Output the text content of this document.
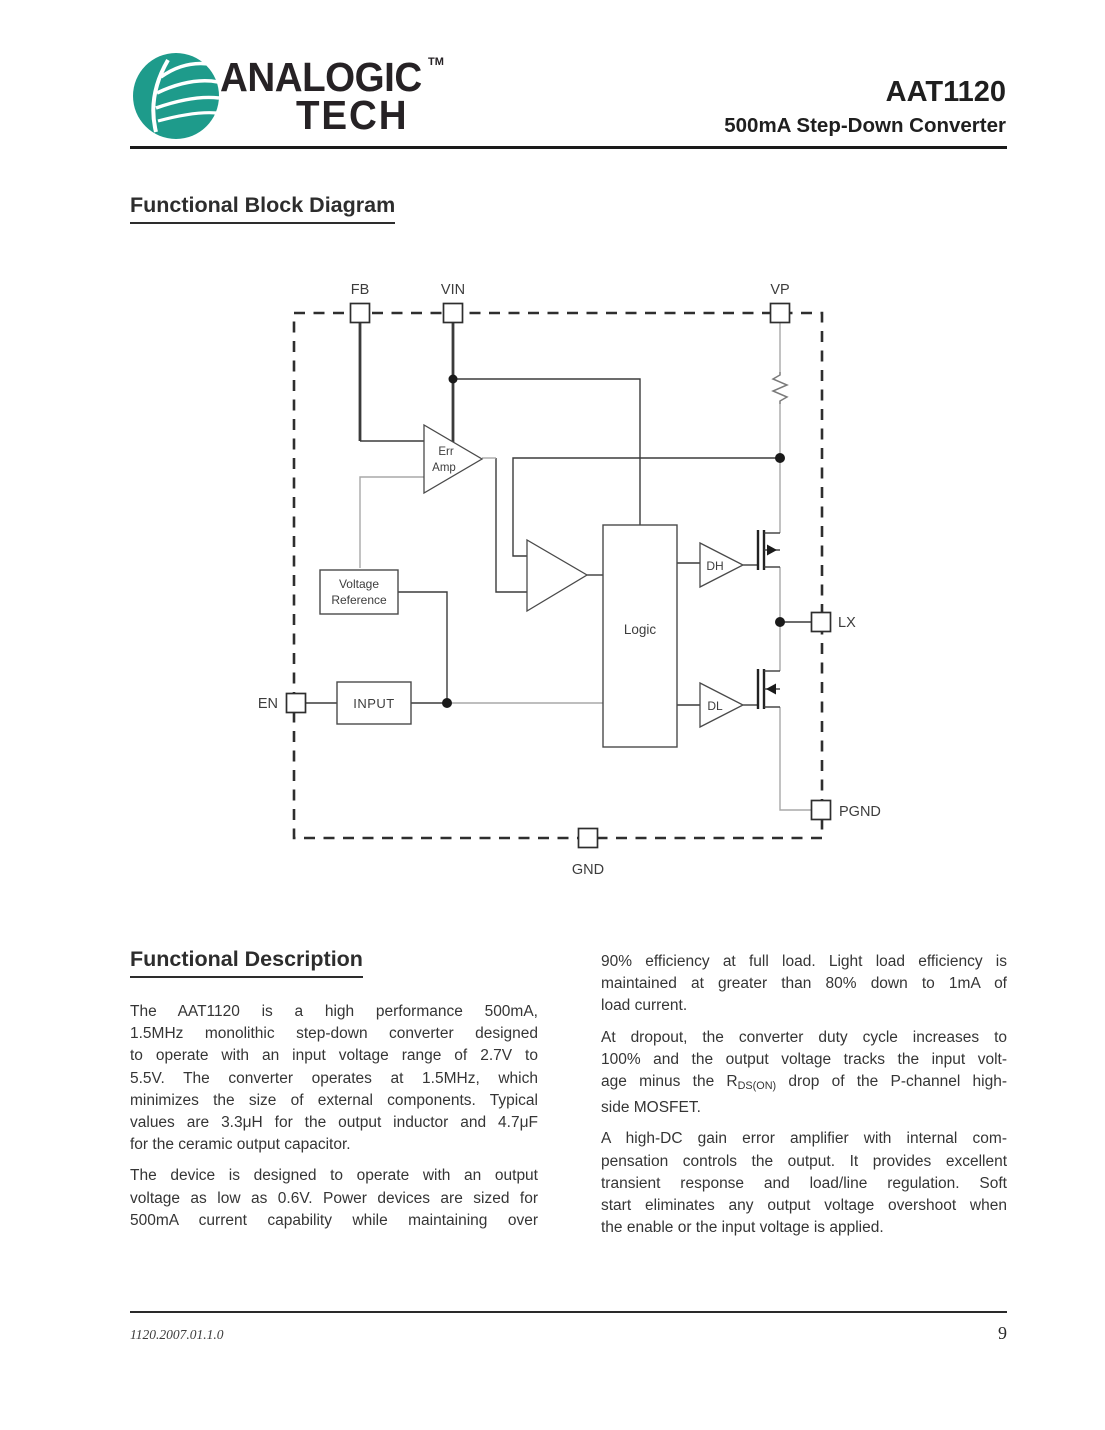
ANALOGIC TM
TECH	AAT1120
500mA Step-Down Converter
Functional Block Diagram
Err
Amp
DH
DL
Voltage
Reference
INPUT
Logic
FB	VIN	VP
EN
LX
PGND
GND
Functional Description
The AAT1120 is a high performance 500mA,
1.5MHz monolithic step-down converter designed
to operate with an input voltage range of 2.7V to
5.5V. The converter operates at 1.5MHz, which
minimizes the size of external components. Typical
values are 3.3μH for the output inductor and 4.7μF
for the ceramic output capacitor.
The device is designed to operate with an output
voltage as low as 0.6V. Power devices are sized for
500mA current capability while maintaining over
90% efficiency at full load. Light load efficiency is
maintained at greater than 80% down to 1mA of
load current.
At dropout, the converter duty cycle increases to
100% and the output voltage tracks the input volt-
age minus the $R_{DS(ON)}$ drop of the P-channel high-
side MOSFET.
A high-DC gain error amplifier with internal com-
pensation controls the output. It provides excellent
transient response and load/line regulation. Soft
start eliminates any output voltage overshoot when
the enable or the input voltage is applied.
1120.2007.01.1.0	9
